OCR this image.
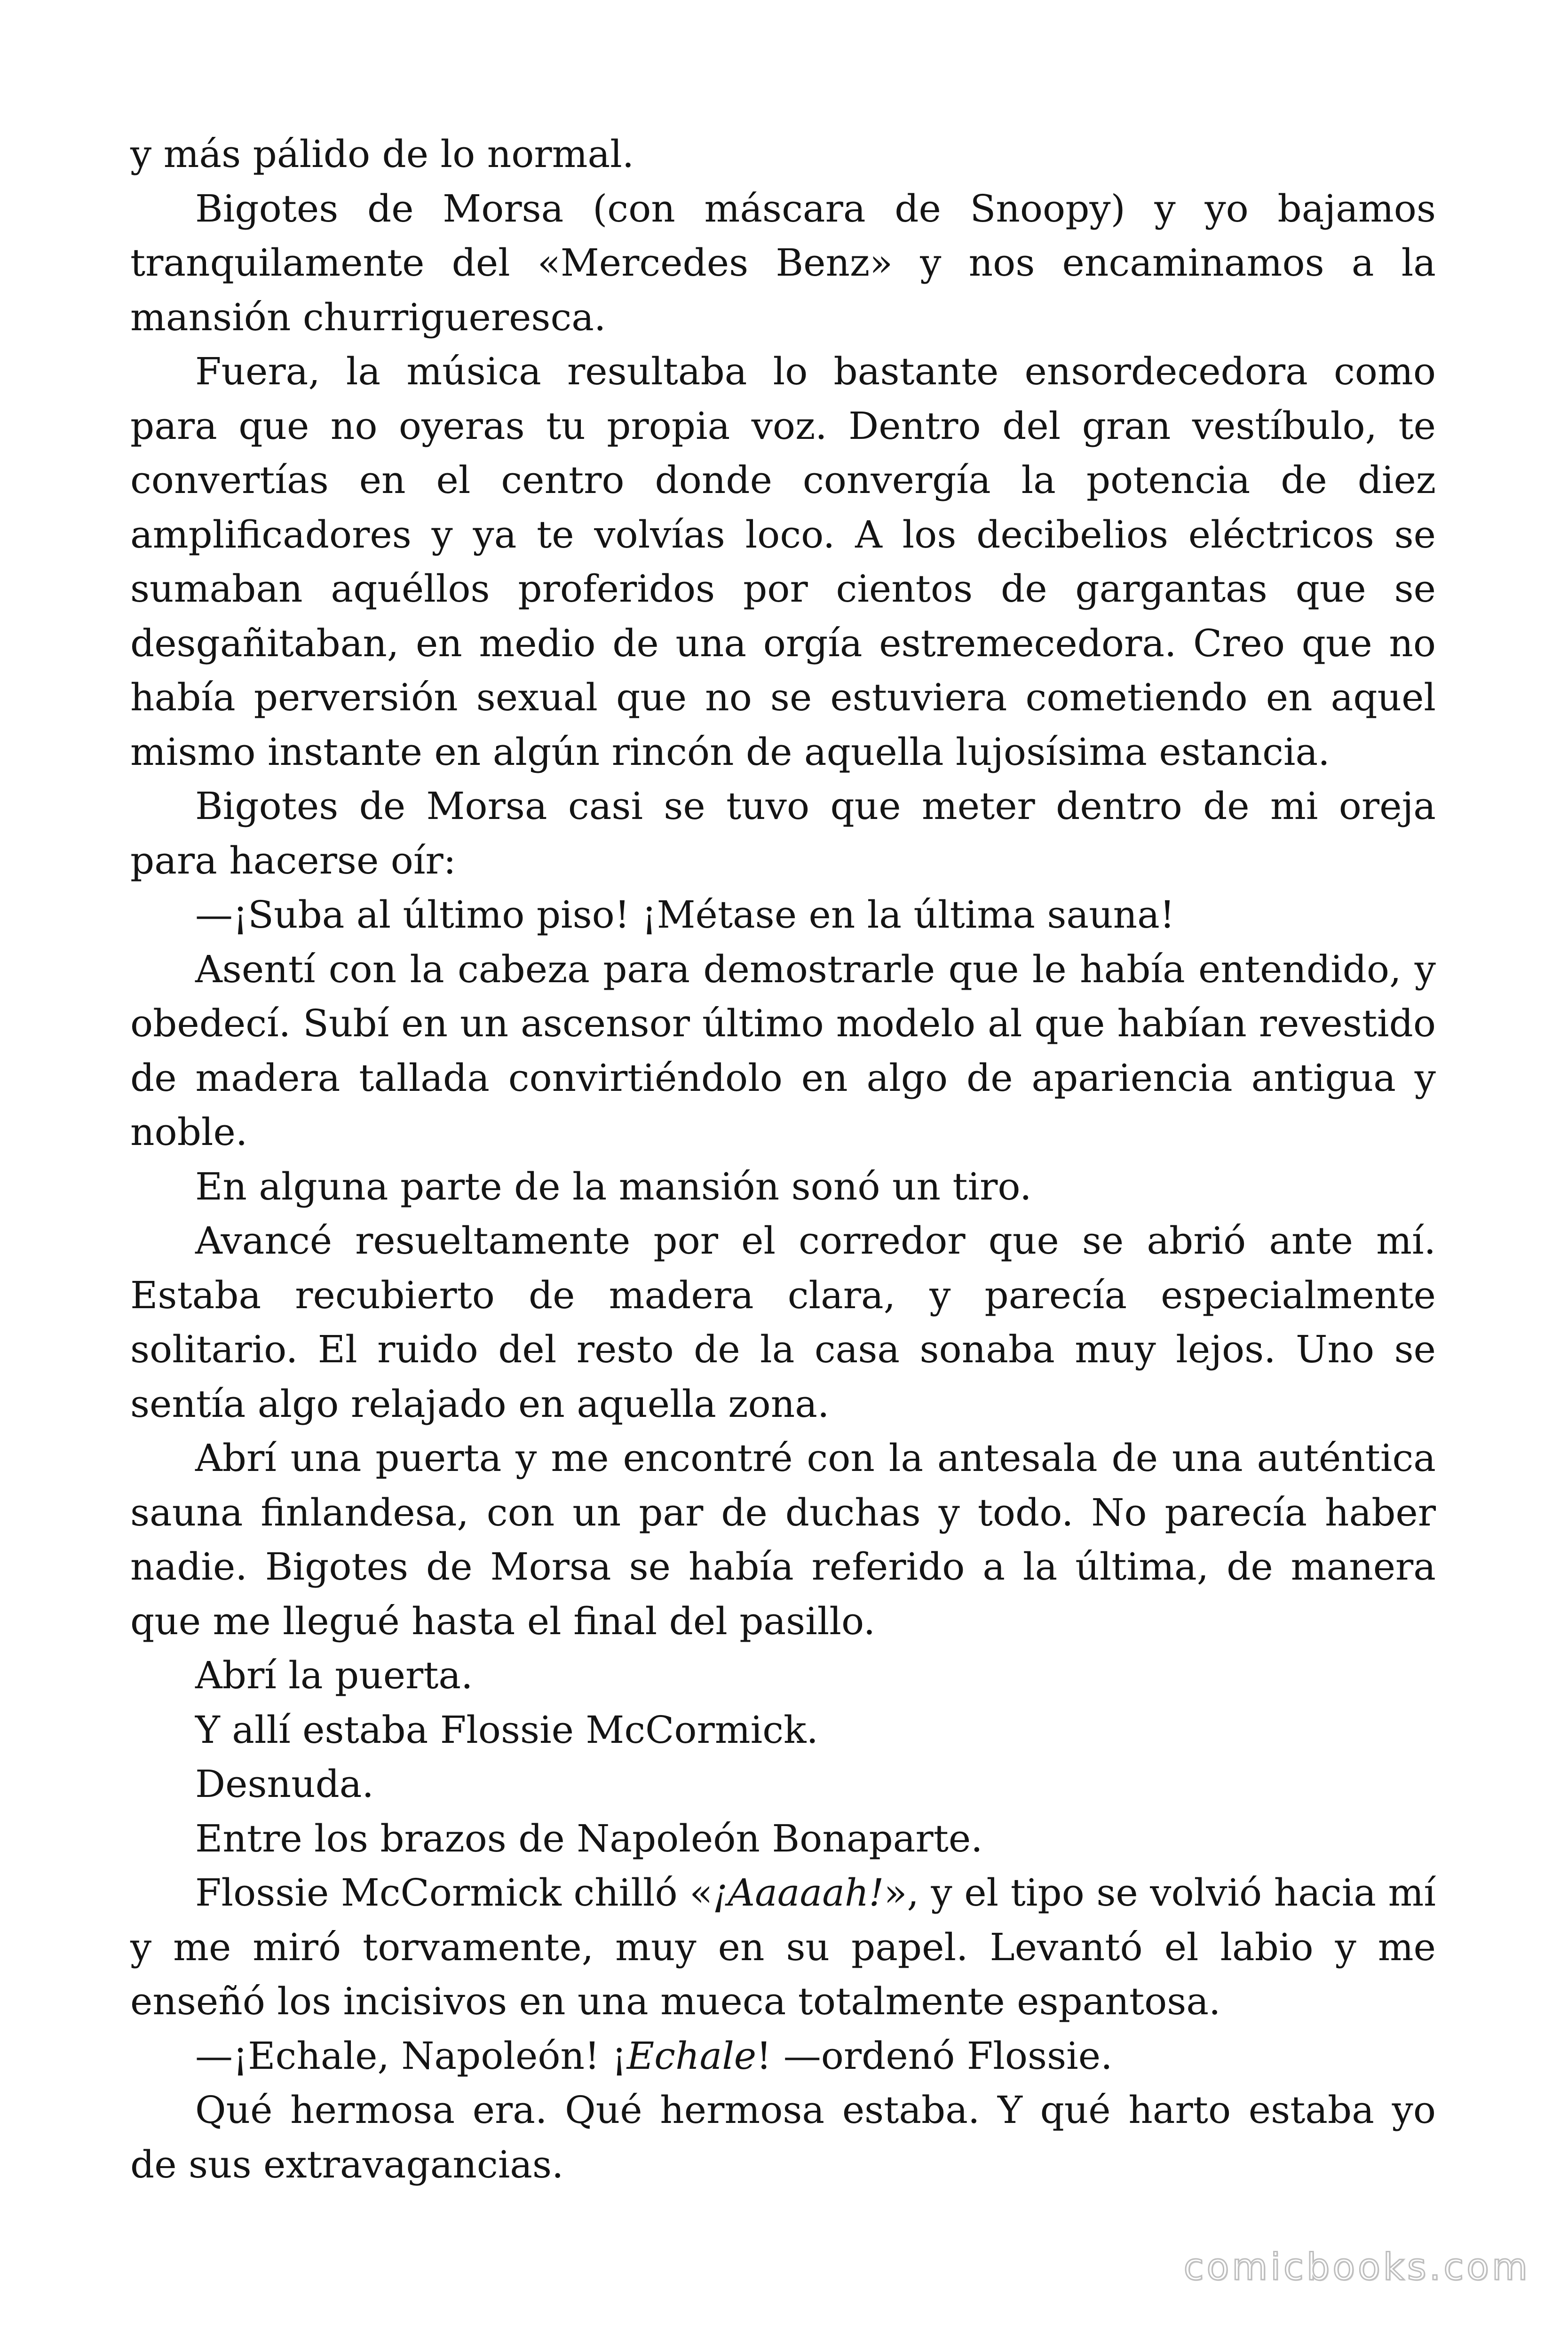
y más pálido de lo normal.

Bigotes de Morsa (con máscara de Snoopy) y yo bajamos tranquilamente del «Mercedes Benz» y nos encaminamos a la mansión churrigueresca.

Fuera, la música resultaba lo bastante ensordecedora como para que no oyeras tu propia voz. Dentro del gran vestíbulo, te convertías en el centro donde convergía la potencia de diez amplificadores y ya te volvías loco. A los decibelios eléctricos se sumaban aquéllos proferidos por cientos de gargantas que se desgañitaban, en medio de una orgía estremecedora. Creo que no había perversión sexual que no se estuviera cometiendo en aquel mismo instante en algún rincón de aquella lujosísima estancia.

Bigotes de Morsa casi se tuvo que meter dentro de mi oreja para hacerse oír:

—¡Suba al último piso! ¡Métase en la última sauna!

Asentí con la cabeza para demostrarle que le había entendido, y obedecí. Subí en un ascensor último modelo al que habían revestido de madera tallada convirtiéndolo en algo de apariencia antigua y noble.

En alguna parte de la mansión sonó un tiro.

Avancé resueltamente por el corredor que se abrió ante mí. Estaba recubierto de madera clara, y parecía especialmente solitario. El ruido del resto de la casa sonaba muy lejos. Uno se sentía algo relajado en aquella zona.

Abrí una puerta y me encontré con la antesala de una auténtica sauna finlandesa, con un par de duchas y todo. No parecía haber nadie. Bigotes de Morsa se había referido a la última, de manera que me llegué hasta el final del pasillo.

Abrí la puerta.

Y allí estaba Flossie McCormick.

Desnuda.

Entre los brazos de Napoleón Bonaparte.

Flossie McCormick chilló «¡Aaaaah!», y el tipo se volvió hacia mí y me miró torvamente, muy en su papel. Levantó el labio y me enseñó los incisivos en una mueca totalmente espantosa.

—¡Echale, Napoleón! ¡Echale! —ordenó Flossie.

Qué hermosa era. Qué hermosa estaba. Y qué harto estaba yo de sus extravagancias.

comicbooks.com
